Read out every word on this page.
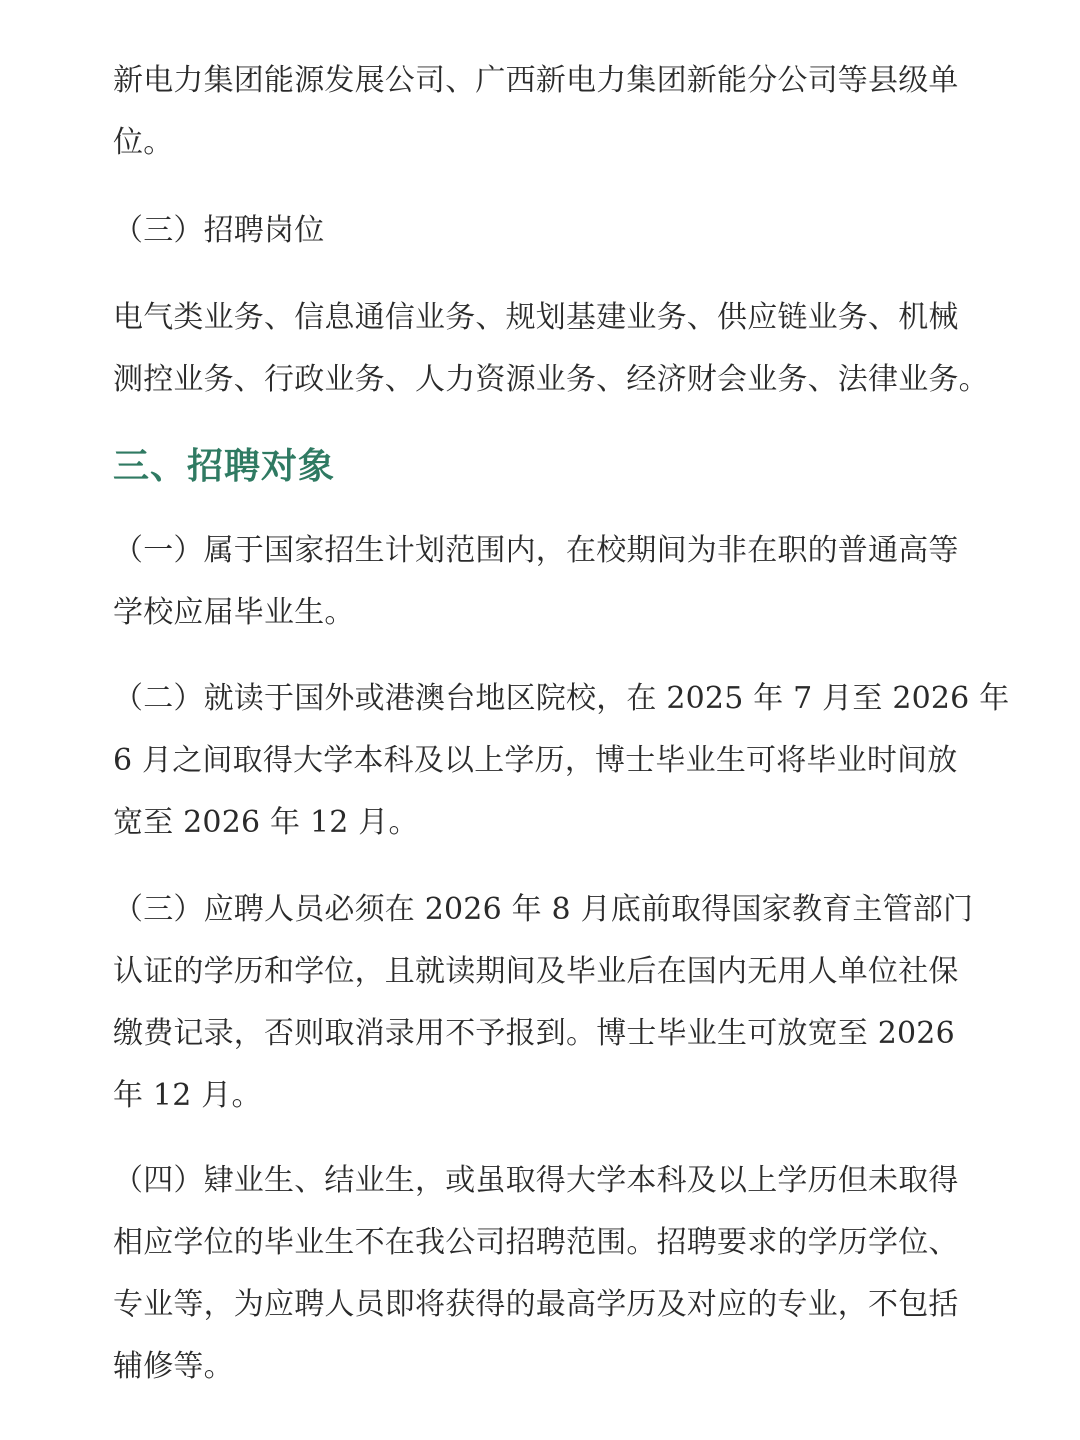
新电力集团能源发展公司、广西新电力集团新能分公司等县级单
位。
（三）招聘岗位
电气类业务、信息通信业务、规划基建业务、供应链业务、机械
测控业务、行政业务、人力资源业务、经济财会业务、法律业务。
三、招聘对象
（一）属于国家招生计划范围内，在校期间为非在职的普通高等
学校应届毕业生。
（二）就读于国外或港澳台地区院校，在 2025 年 7 月至 2026 年
6 月之间取得大学本科及以上学历，博士毕业生可将毕业时间放
宽至 2026 年 12 月。
（三）应聘人员必须在 2026 年 8 月底前取得国家教育主管部门
认证的学历和学位，且就读期间及毕业后在国内无用人单位社保
缴费记录，否则取消录用不予报到。博士毕业生可放宽至 2026
年 12 月。
（四）肄业生、结业生，或虽取得大学本科及以上学历但未取得
相应学位的毕业生不在我公司招聘范围。招聘要求的学历学位、
专业等，为应聘人员即将获得的最高学历及对应的专业，不包括
辅修等。
